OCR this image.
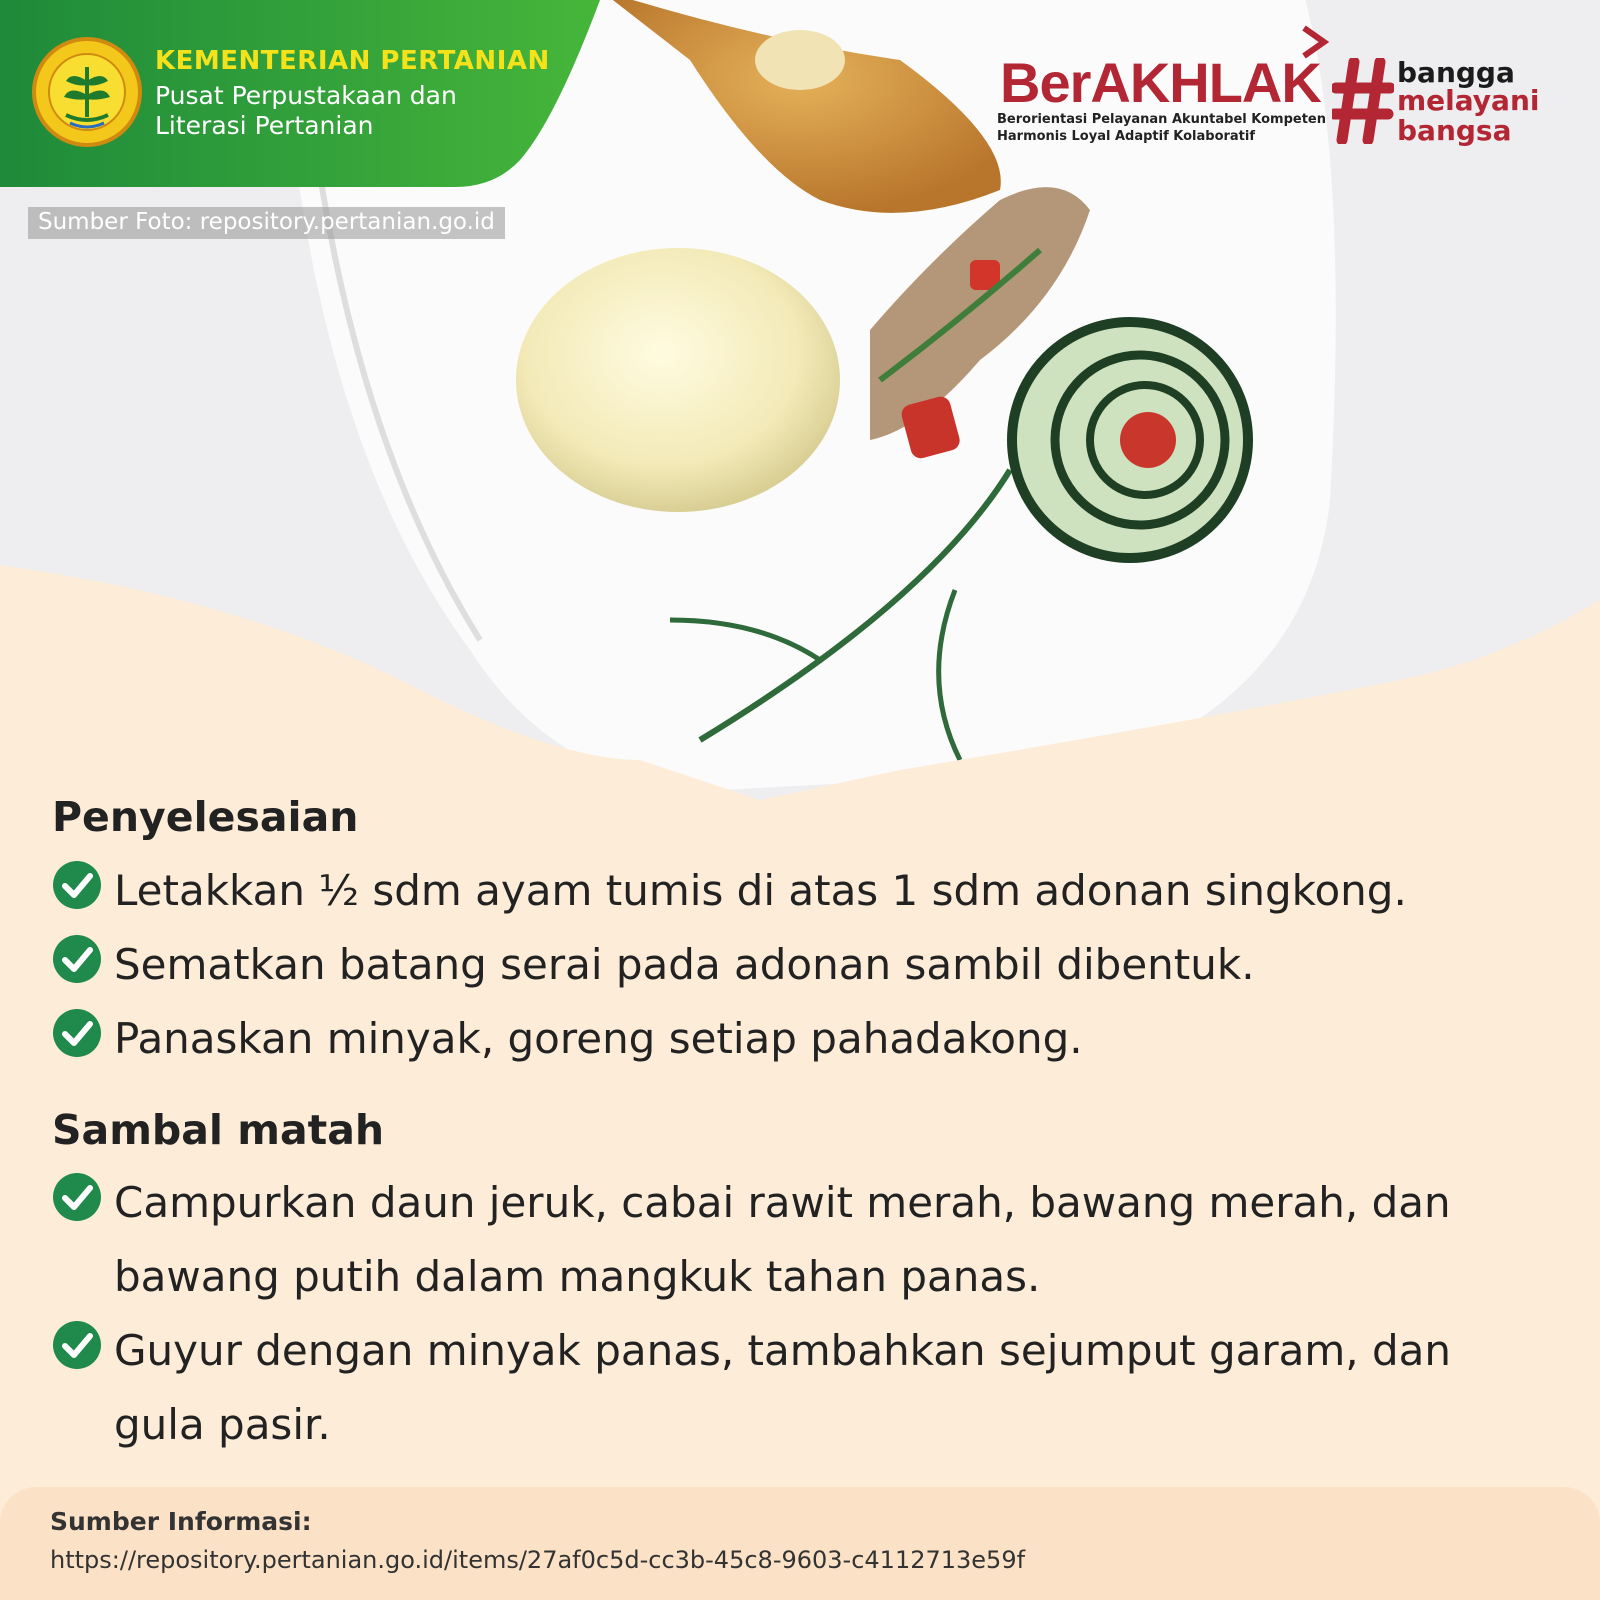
KEMENTERIAN PERTANIAN
Pusat Perpustakaan dan
Literasi Pertanian
Sumber Foto: repository.pertanian.go.id
BerAKHLAK
Berorientasi Pelayanan Akuntabel Kompeten
Harmonis Loyal Adaptif Kolaboratif
bangga
melayani
bangsa
Penyelesaian
Letakkan ½ sdm ayam tumis di atas 1 sdm adonan singkong.
Sematkan batang serai pada adonan sambil dibentuk.
Panaskan minyak, goreng setiap pahadakong.
Sambal matah
Campurkan daun jeruk, cabai rawit merah, bawang merah, dan bawang putih dalam mangkuk tahan panas.
Guyur dengan minyak panas, tambahkan sejumput garam, dan gula pasir.
Sumber Informasi:
https://repository.pertanian.go.id/items/27af0c5d-cc3b-45c8-9603-c4112713e59f
